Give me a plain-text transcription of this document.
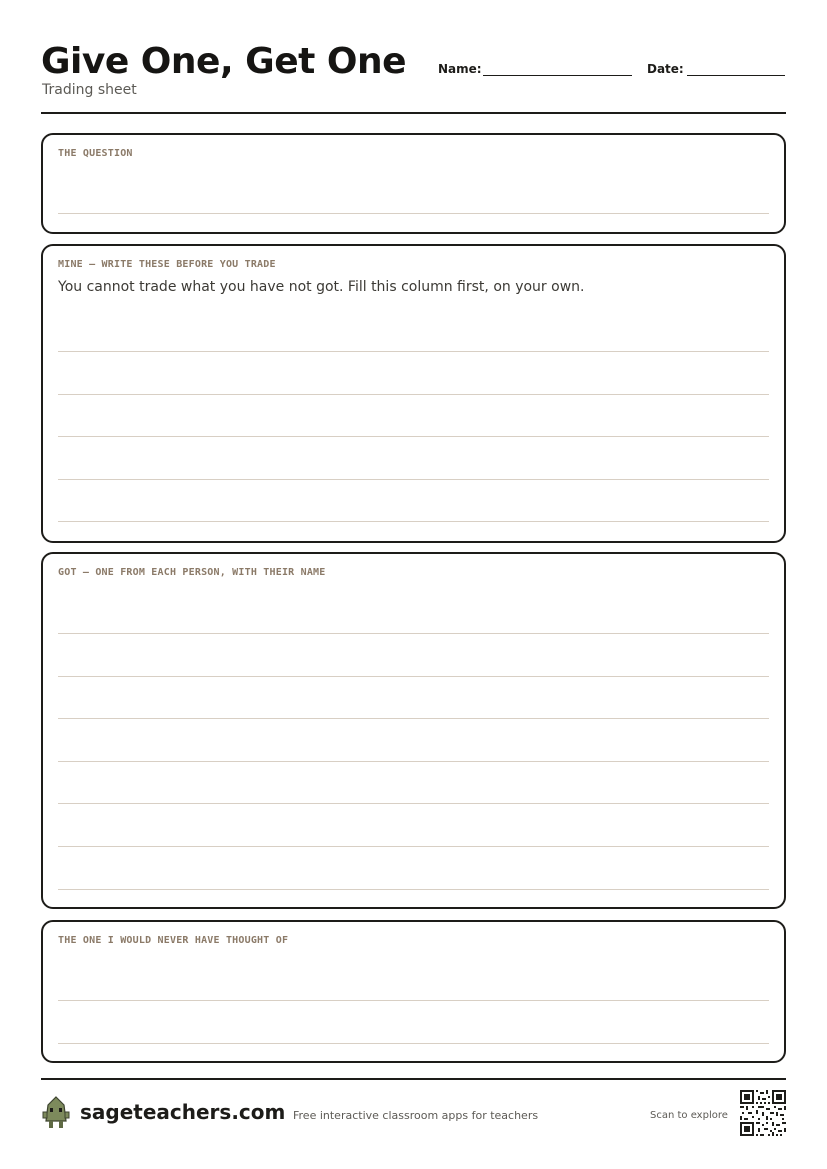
Give One, Get One
Trading sheet
Name:	Date:
THE QUESTION
MINE — WRITE THESE BEFORE YOU TRADE
You cannot trade what you have not got. Fill this column first, on your own.
GOT — ONE FROM EACH PERSON, WITH THEIR NAME
THE ONE I WOULD NEVER HAVE THOUGHT OF
sageteachers.com Free interactive classroom apps for teachers	Scan to explore
